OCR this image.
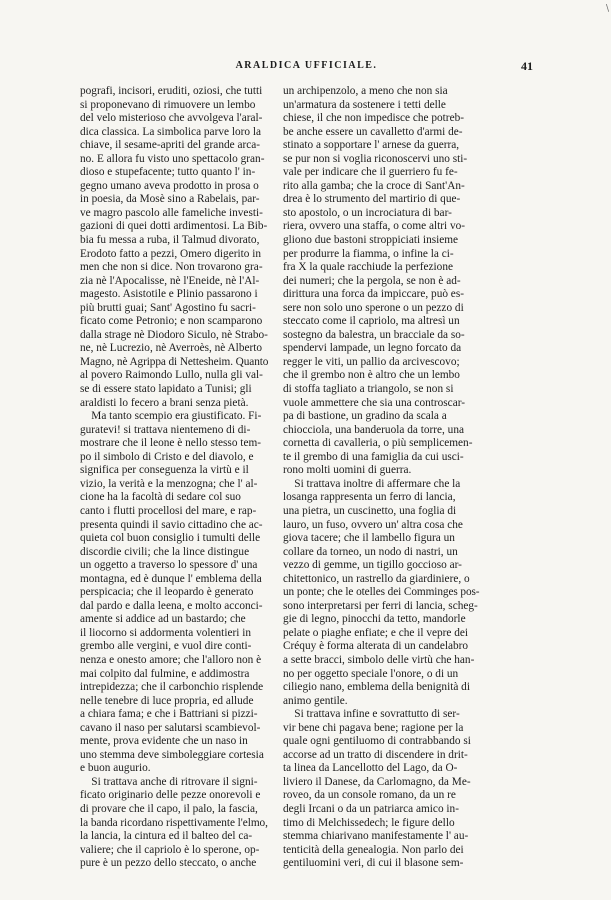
ARALDICA UFFICIALE.	41
\
pografi, incisori, eruditi, oziosi, che tutti
si proponevano di rimuovere un lembo
del velo misterioso che avvolgeva l'aral-
dica classica. La simbolica parve loro la
chiave, il sesame-apriti del grande arca-
no. E allora fu visto uno spettacolo gran-
dioso e stupefacente; tutto quanto l' in-
gegno umano aveva prodotto in prosa o
in poesia, da Mosè sino a Rabelais, par-
ve magro pascolo alle fameliche investi-
gazioni di quei dotti ardimentosi. La Bib-
bia fu messa a ruba, il Talmud divorato,
Erodoto fatto a pezzi, Omero digerito in
men che non si dice. Non trovarono gra-
zia nè l'Apocalisse, nè l'Eneide, nè l'Al-
magesto. Asistotile e Plinio passarono i
più brutti guai; Sant' Agostino fu sacri-
ficato come Petronio; e non scamparono
dalla strage nè Diodoro Siculo, nè Strabo-
ne, nè Lucrezio, nè Averroès, nè Alberto
Magno, nè Agrippa di Nettesheim. Quanto
al povero Raimondo Lullo, nulla gli val-
se di essere stato lapidato a Tunisi; gli
araldisti lo fecero a brani senza pietà.
Ma tanto scempio era giustificato. Fi-
guratevi! si trattava nientemeno di di-
mostrare che il leone è nello stesso tem-
po il simbolo di Cristo e del diavolo, e
significa per conseguenza la virtù e il
vizio, la verità e la menzogna; che l' al-
cione ha la facoltà di sedare col suo
canto i flutti procellosi del mare, e rap-
presenta quindi il savio cittadino che ac-
quieta col buon consiglio i tumulti delle
discordie civili; che la lince distingue
un oggetto a traverso lo spessore d' una
montagna, ed è dunque l' emblema della
perspicacia; che il leopardo è generato
dal pardo e dalla leena, e molto acconci-
amente si addice ad un bastardo; che
il liocorno si addormenta volentieri in
grembo alle vergini, e vuol dire conti-
nenza e onesto amore; che l'alloro non è
mai colpito dal fulmine, e addimostra
intrepidezza; che il carbonchio risplende
nelle tenebre di luce propria, ed allude
a chiara fama; e che i Battriani si pizzi-
cavano il naso per salutarsi scambievol-
mente, prova evidente che un naso in
uno stemma deve simboleggiare cortesia
e buon augurio.
Si trattava anche di ritrovare il signi-
ficato originario delle pezze onorevoli e
di provare che il capo, il palo, la fascia,
la banda ricordano rispettivamente l'elmo,
la lancia, la cintura ed il balteo del ca-
valiere; che il capriolo è lo sperone, op-
pure è un pezzo dello steccato, o anche
un archipenzolo, a meno che non sia
un'armatura da sostenere i tetti delle
chiese, il che non impedisce che potreb-
be anche essere un cavalletto d'armi de-
stinato a sopportare l' arnese da guerra,
se pur non si voglia riconoscervi uno sti-
vale per indicare che il guerriero fu fe-
rito alla gamba; che la croce di Sant'An-
drea è lo strumento del martirio di que-
sto apostolo, o un incrociatura di bar-
riera, ovvero una staffa, o come altri vo-
gliono due bastoni stroppiciati insieme
per produrre la fiamma, o infine la ci-
fra X la quale racchiude la perfezione
dei numeri; che la pergola, se non è ad-
dirittura una forca da impiccare, può es-
sere non solo uno sperone o un pezzo di
steccato come il capriolo, ma altresì un
sostegno da balestra, un bracciale da so-
spendervi lampade, un legno forcato da
regger le viti, un pallio da arcivescovo;
che il grembo non è altro che un lembo
di stoffa tagliato a triangolo, se non si
vuole ammettere che sia una controscar-
pa di bastione, un gradino da scala a
chiocciola, una banderuola da torre, una
cornetta di cavalleria, o più semplicemen-
te il grembo di una famiglia da cui usci-
rono molti uomini di guerra.
Si trattava inoltre di affermare che la
losanga rappresenta un ferro di lancia,
una pietra, un cuscinetto, una foglia di
lauro, un fuso, ovvero un' altra cosa che
giova tacere; che il lambello figura un
collare da torneo, un nodo di nastri, un
vezzo di gemme, un tigillo goccioso ar-
chitettonico, un rastrello da giardiniere, o
un ponte; che le otelles dei Comminges pos-
sono interpretarsi per ferri di lancia, scheg-
gie di legno, pinocchi da tetto, mandorle
pelate o piaghe enfiate; e che il vepre dei
Créquy è forma alterata di un candelabro
a sette bracci, simbolo delle virtù che han-
no per oggetto speciale l'onore, o di un
ciliegio nano, emblema della benignità di
animo gentile.
Si trattava infine e sovrattutto di ser-
vir bene chi pagava bene; ragione per la
quale ogni gentiluomo di contrabbando si
accorse ad un tratto di discendere in drit-
ta linea da Lancellotto del Lago, da O-
liviero il Danese, da Carlomagno, da Me-
roveo, da un console romano, da un re
degli Ircani o da un patriarca amico in-
timo di Melchissedech; le figure dello
stemma chiarivano manifestamente l' au-
tenticità della genealogia. Non parlo dei
gentiluomini veri, di cui il blasone sem-
